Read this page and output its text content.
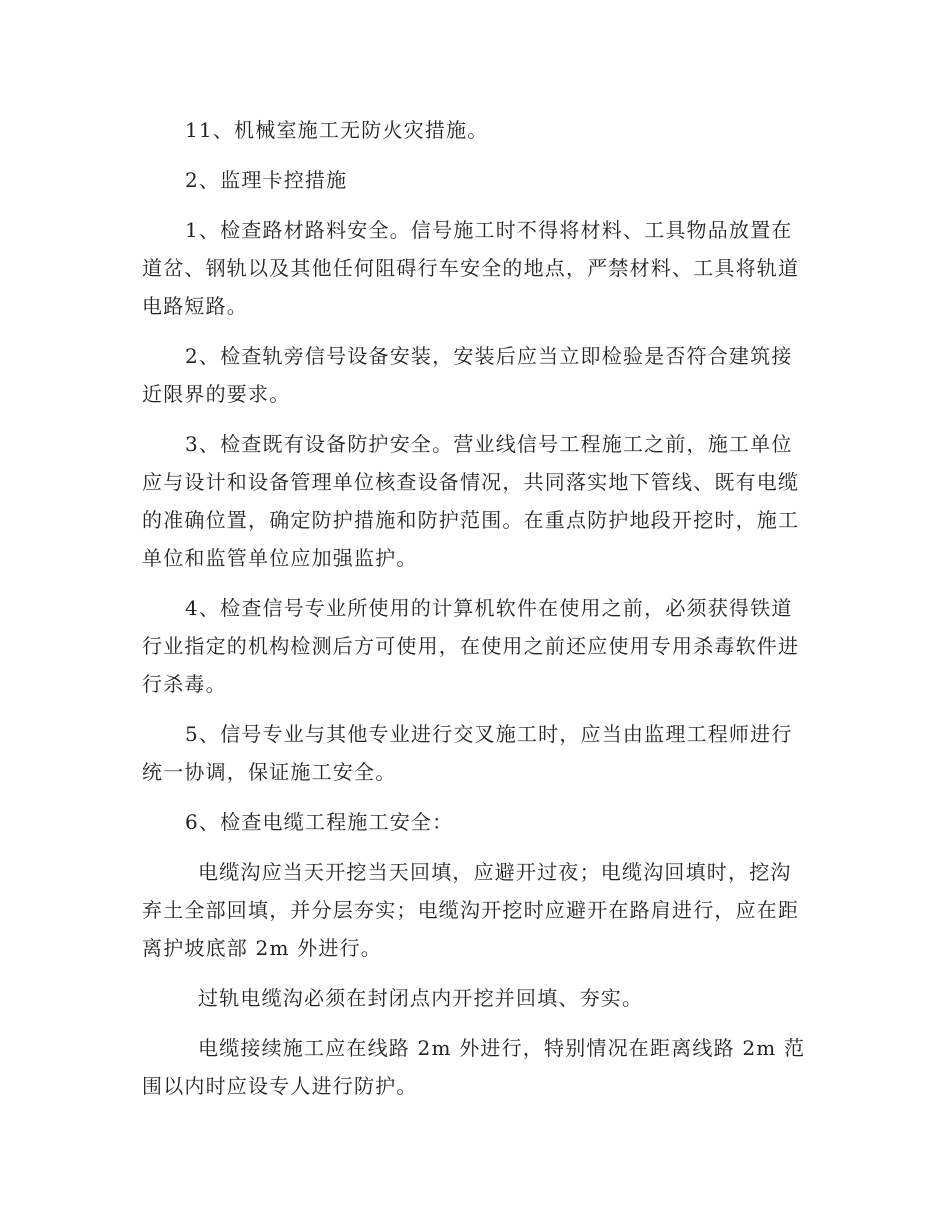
11、机械室施工无防火灾措施。

2、监理卡控措施

1、检查路材路料安全。信号施工时不得将材料、工具物品放置在道岔、钢轨以及其他任何阻碍行车安全的地点，严禁材料、工具将轨道电路短路。

2、检查轨旁信号设备安装，安装后应当立即检验是否符合建筑接近限界的要求。

3、检查既有设备防护安全。营业线信号工程施工之前，施工单位应与设计和设备管理单位核查设备情况，共同落实地下管线、既有电缆的准确位置，确定防护措施和防护范围。在重点防护地段开挖时，施工单位和监管单位应加强监护。

4、检查信号专业所使用的计算机软件在使用之前，必须获得铁道行业指定的机构检测后方可使用，在使用之前还应使用专用杀毒软件进行杀毒。

5、信号专业与其他专业进行交叉施工时，应当由监理工程师进行统一协调，保证施工安全。

6、检查电缆工程施工安全：

电缆沟应当天开挖当天回填，应避开过夜；电缆沟回填时，挖沟弃土全部回填，并分层夯实；电缆沟开挖时应避开在路肩进行，应在距离护坡底部 2m 外进行。

过轨电缆沟必须在封闭点内开挖并回填、夯实。

电缆接续施工应在线路 2m 外进行，特别情况在距离线路 2m 范围以内时应设专人进行防护。
